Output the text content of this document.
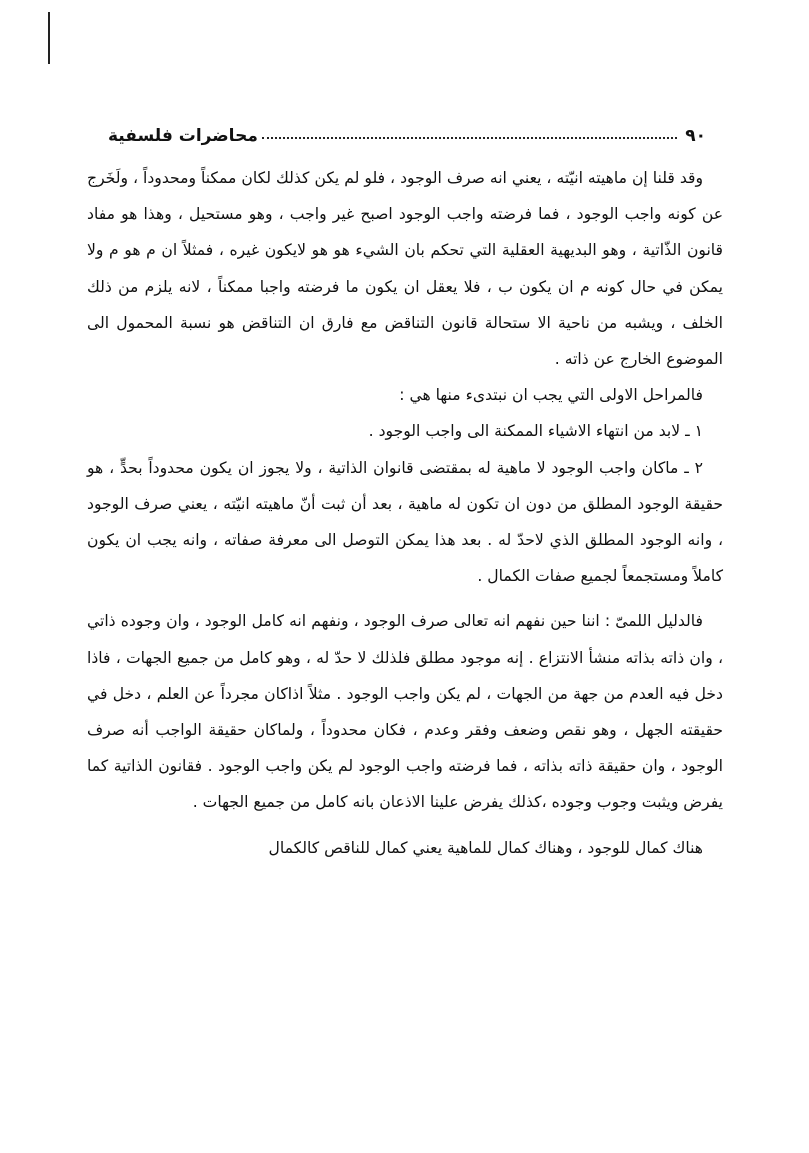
٩٠
محاضرات فلسفية

وقد قلنا إن ماهيته انيّته ، يعني انه صرف الوجود ، فلو لم يكن كذلك لكان ممكناً ومحدوداً ، ولَخَرج عن كونه واجب الوجود ، فما فرضته واجب الوجود اصبح غير واجب ، وهو مستحيل ، وهذا هو مفاد قانون الذّاتية ، وهو البديهية العقلية التي تحكم بان الشيء هو هو لايكون غيره ، فمثلاً ان م هو م ولا يمكن في حال كونه م ان يكون ب ، فلا يعقل ان يكون ما فرضته واجبا ممكناً ، لانه يلزم من ذلك الخلف ، ويشبه من ناحية الا ستحالة قانون التناقض مع فارق ان التناقض هو نسبة المحمول الى الموضوع الخارج عن ذاته .

فالمراحل الاولى التي يجب ان نبتدىء منها هي :

١ ـ لابد من انتهاء الاشياء الممكنة الى واجب الوجود .

٢ ـ ماكان واجب الوجود لا ماهية له بمقتضى قانوان الذاتية ، ولا يجوز ان يكون محدوداً بحدٍّ ، هو حقيقة الوجود المطلق من دون ان تكون له ماهية ، بعد أن ثبت أنّ ماهيته انيّته ، يعني صرف الوجود ، وانه الوجود المطلق الذي لاحدّ له . بعد هذا يمكن التوصل الى معرفة صفاته ، وانه يجب ان يكون كاملاً ومستجمعاً لجميع صفات الكمال .

فالدليل اللمىّ : اننا حين نفهم انه تعالى صرف الوجود ، ونفهم انه كامل الوجود ، وان وجوده ذاتي ، وان ذاته بذاته منشأ الانتزاع . إنه موجود مطلق فلذلك لا حدّ له ، وهو كامل من جميع الجهات ، فاذا دخل فيه العدم من جهة من الجهات ، لم يكن واجب الوجود . مثلاً اذاكان مجرداً عن العلم ، دخل في حقيقته الجهل ، وهو نقص وضعف وفقر وعدم ، فكان محدوداً ، ولماكان حقيقة الواجب أنه صرف الوجود ، وان حقيقة ذاته بذاته ، فما فرضته واجب الوجود لم يكن واجب الوجود . فقانون الذاتية كما يفرض ويثبت وجوب وجوده ،كذلك يفرض علينا الاذعان بانه كامل من جميع الجهات .

هناك كمال للوجود ، وهناك كمال للماهية يعني كمال للناقص كالكمال
